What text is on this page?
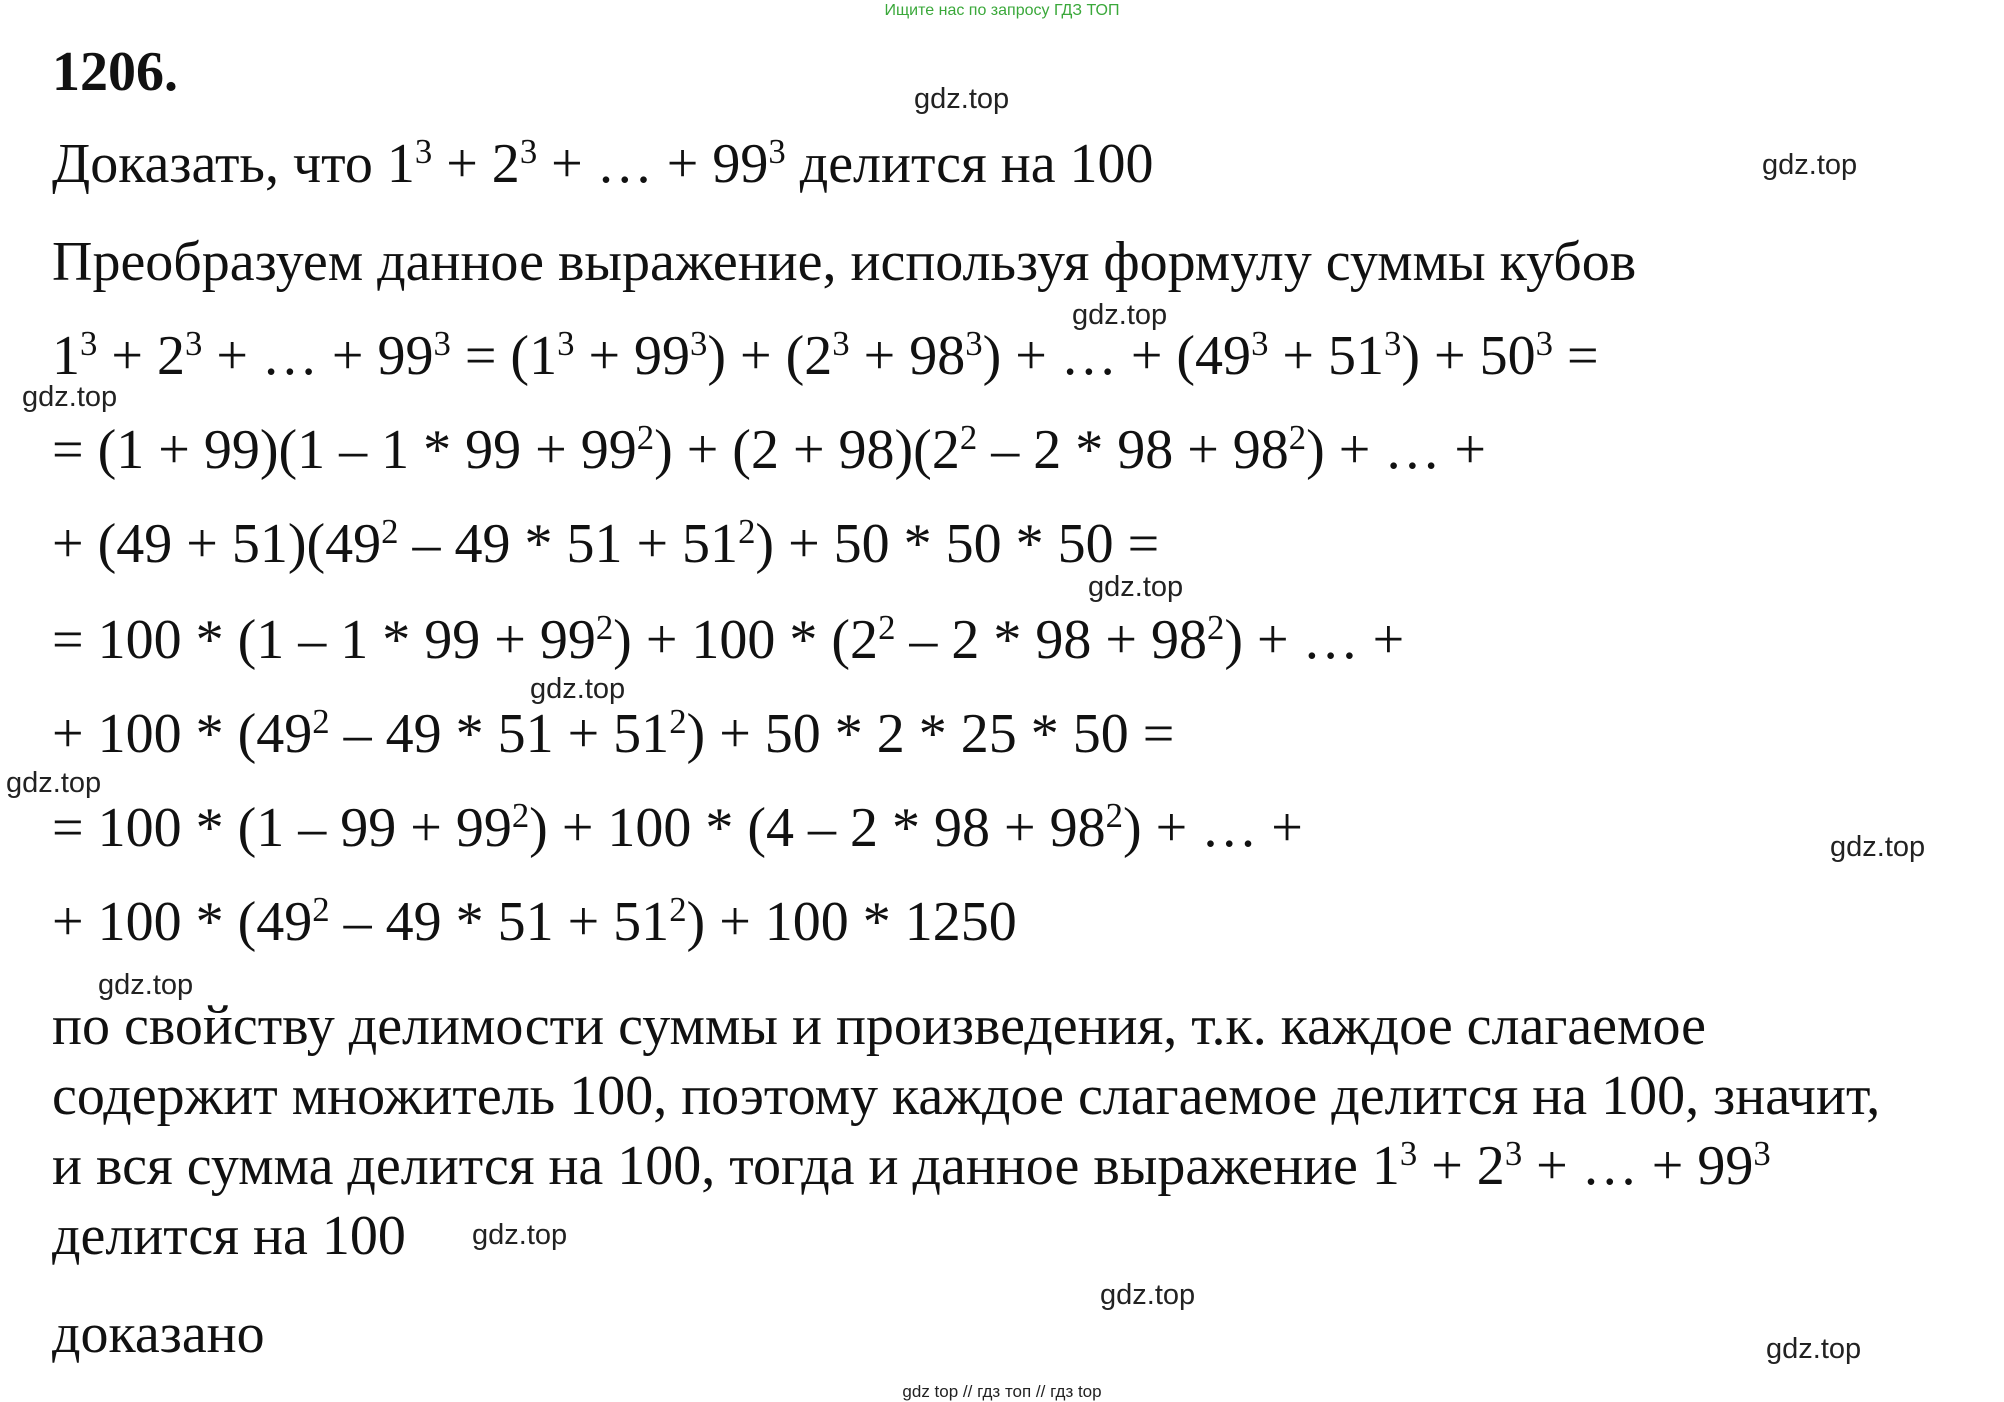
Ищите нас по запросу ГДЗ ТОП
1206.
Доказать, что $1^3 + 2^3$ + … + $99^3$ делится на 100
Преобразуем данное выражение, используя формулу суммы кубов
$1^3 + 2^3$ + … + $99^3 = (1^3 + 99^3) + (2^3 + 98^3)$ + … + $(49^3 + 51^3) + 50^3$ =
= $(1 + 99)(1 - 1 * 99 + 99^2) + (2 + 98)(2^2 - 2 * 98 + 98^2)$ + … +
+ $(49 + 51)(49^2 - 49 * 51 + 51^2) + 50 * 50 * 50$ =
= $100 * (1 - 1 * 99 + 99^2) + 100 * (2^2 - 2 * 98 + 98^2)$ + … +
+ $100 * (49^2 - 49 * 51 + 51^2) + 50 * 2 * 25 * 50$ =
= $100 * (1 - 99 + 99^2) + 100 * (4 - 2 * 98 + 98^2)$ + … +
+ $100 * (49^2 - 49 * 51 + 51^2) + 100 * 1250$
по свойству делимости суммы и произведения, т.к. каждое слагаемое
содержит множитель 100, поэтому каждое слагаемое делится на 100, значит,
и вся сумма делится на 100, тогда и данное выражение $1^3 + 2^3$ + … + $99^3$
делится на 100
доказано
gdz.top
gdz.top
gdz.top
gdz.top
gdz.top
gdz.top
gdz.top
gdz.top
gdz.top
gdz.top
gdz.top
gdz.top
gdz top // гдз топ // гдз top
